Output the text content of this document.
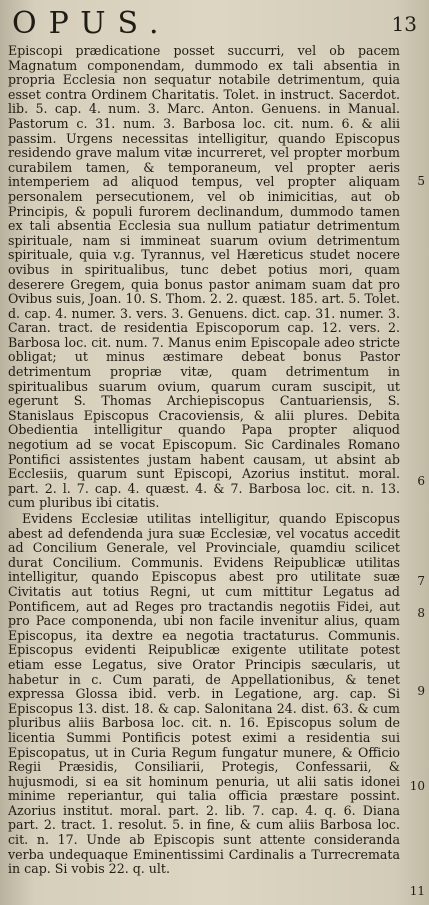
OPUS.	13

Episcopi prædicatione posset succurri, vel ob pacem Magnatum componendam, dummodo ex tali absentia in propria Ecclesia non sequatur notabile detrimentum, quia esset contra Ordinem Charitatis. Tolet. in instruct. Sacerdot. lib. 5. cap. 4. num. 3. Marc. Anton. Genuens. in Manual. Pastorum c. 31. num. 3. Barbosa loc. cit. num. 6. & alii passim. Urgens necessitas intelligitur, quando Episcopus residendo grave malum vitæ incurreret, vel propter morbum curabilem tamen, & temporaneum, vel propter aeris intemperiem ad aliquod tempus, vel propter aliquam personalem persecutionem, vel ob inimicitias, aut ob Principis, & populi furorem declinandum, dummodo tamen ex tali absentia Ecclesia sua nullum patiatur detrimentum spirituale, nam si immineat suarum ovium detrimentum spirituale, quia v.g. Tyrannus, vel Hæreticus studet nocere ovibus in spiritualibus, tunc debet potius mori, quam deserere Gregem, quia bonus pastor animam suam dat pro Ovibus suis, Joan. 10. S. Thom. 2. 2. quæst. 185. art. 5. Tolet. d. cap. 4. numer. 3. vers. 3. Genuens. dict. cap. 31. numer. 3. Caran. tract. de residentia Episcoporum cap. 12. vers. 2. Barbosa loc. cit. num. 7. Manus enim Episcopale adeo stricte obligat; ut minus æstimare debeat bonus Pastor detrimentum propriæ vitæ, quam detrimentum in spiritualibus suarum ovium, quarum curam suscipit, ut egerunt S. Thomas Archiepiscopus Cantuariensis, S. Stanislaus Episcopus Cracoviensis, & alii plures. Debita Obedientia intelligitur quando Papa propter aliquod negotium ad se vocat Episcopum. Sic Cardinales Romano Pontifici assistentes justam habent causam, ut absint ab Ecclesiis, quarum sunt Episcopi, Azorius institut. moral. part. 2. l. 7. cap. 4. quæst. 4. & 7. Barbosa loc. cit. n. 13. cum pluribus ibi citatis.

Evidens Ecclesiæ utilitas intelligitur, quando Episcopus abest ad defendenda jura suæ Ecclesiæ, vel vocatus accedit ad Concilium Generale, vel Provinciale, quamdiu scilicet durat Concilium. Communis. Evidens Reipublicæ utilitas intelligitur, quando Episcopus abest pro utilitate suæ Civitatis aut totius Regni, ut cum mittitur Legatus ad Pontificem, aut ad Reges pro tractandis negotiis Fidei, aut pro Pace componenda, ubi non facile invenitur alius, quam Episcopus, ita dextre ea negotia tractaturus. Communis. Episcopus evidenti Reipublicæ exigente utilitate potest etiam esse Legatus, sive Orator Principis sæcularis, ut habetur in c. Cum parati, de Appellationibus, & tenet expressa Glossa ibid. verb. in Legatione, arg. cap. Si Episcopus 13. dist. 18. & cap. Salonitana 24. dist. 63. & cum pluribus aliis Barbosa loc. cit. n. 16. Episcopus solum de licentia Summi Pontificis potest eximi a residentia sui Episcopatus, ut in Curia Regum fungatur munere, & Officio Regii Præsidis, Consiliarii, Protegis, Confessarii, & hujusmodi, si ea sit hominum penuria, ut alii satis idonei minime reperiantur, qui talia officia præstare possint. Azorius institut. moral. part. 2. lib. 7. cap. 4. q. 6. Diana part. 2. tract. 1. resolut. 5. in fine, & cum aliis Barbosa loc. cit. n. 17. Unde ab Episcopis sunt attente consideranda verba undequaque Eminentissimi Cardinalis a Turrecremata in cap. Si vobis 22. q. ult.

5
6
7
8
9
10
11
